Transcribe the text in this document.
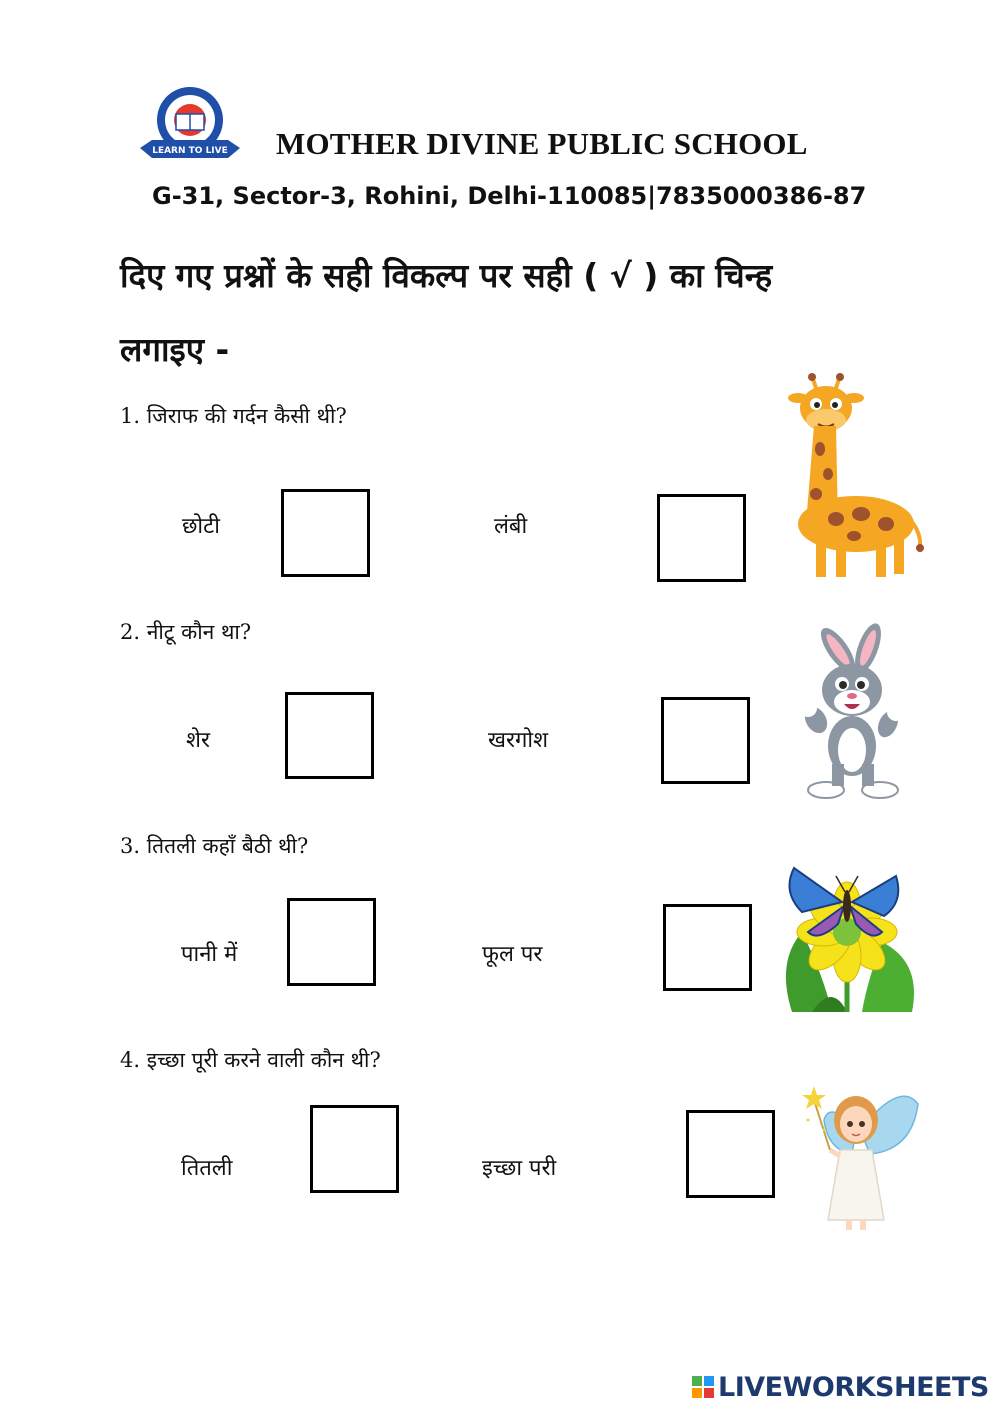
LEARN TO LIVE MOTHER DIVINE PUBLIC SCHOOL
G-31, Sector-3, Rohini, Delhi-110085|7835000386-87
दिए गए प्रश्नों के सही विकल्प पर सही ( √ ) का चिन्ह
लगाइए -
1. जिराफ की गर्दन कैसी थी?
छोटी	लंबी
2. नीटू कौन था?
शेर	खरगोश
3. तितली कहाँ बैठी थी?
पानी में	फूल पर
4. इच्छा पूरी करने वाली कौन थी?
तितली	इच्छा परी
LIVEWORKSHEETS
